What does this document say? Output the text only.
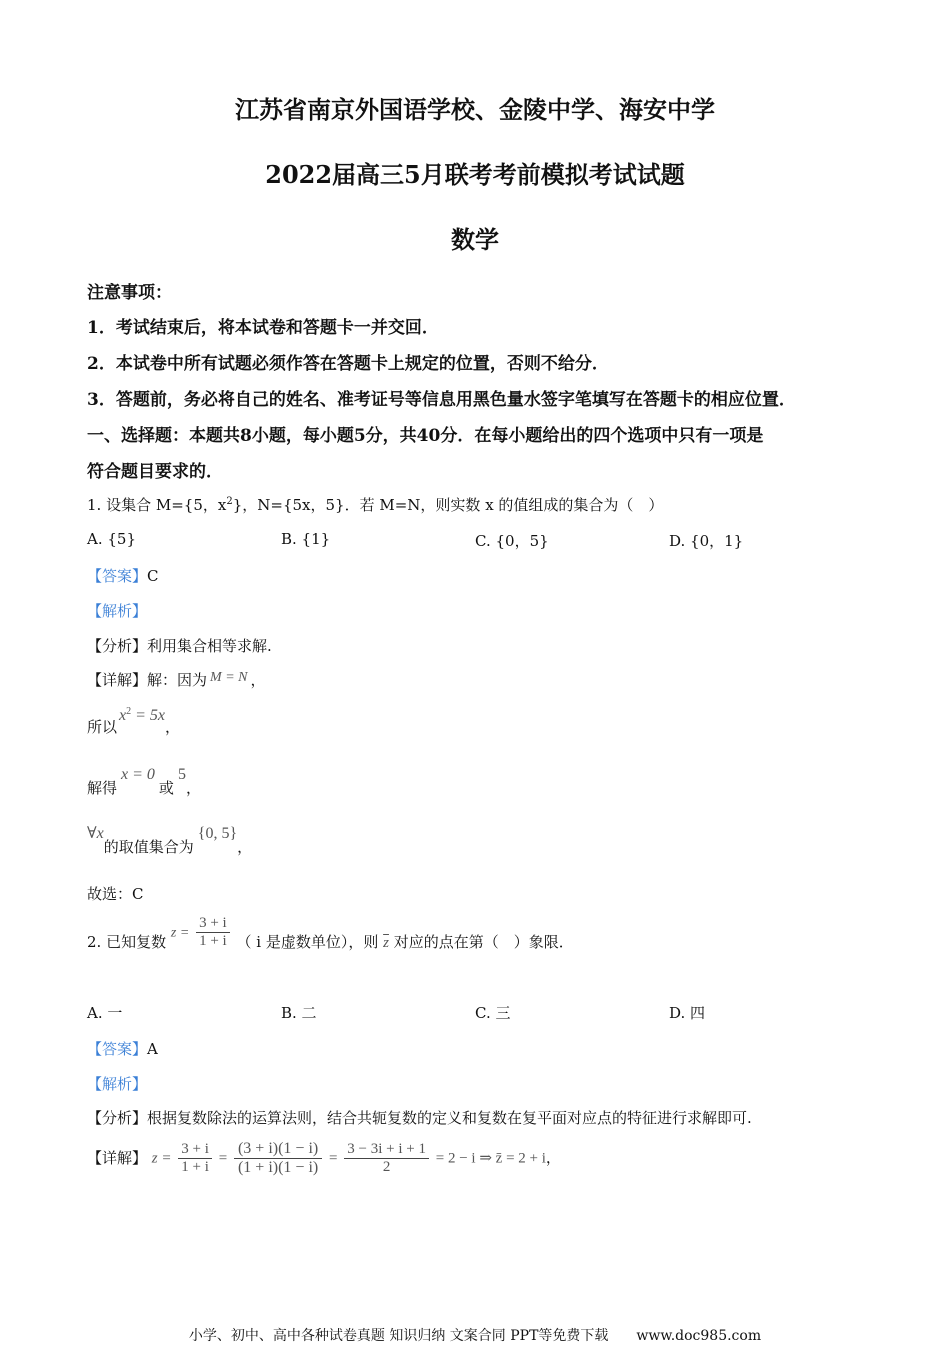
江苏省南京外国语学校、金陵中学、海安中学
2022届高三5月联考考前模拟考试试题
数学
注意事项：
1．考试结束后，将本试卷和答题卡一并交回．
2．本试卷中所有试题必须作答在答题卡上规定的位置，否则不给分．
3．答题前，务必将自己的姓名、准考证号等信息用黑色量水签字笔填写在答题卡的相应位置．
一、选择题：本题共8小题，每小题5分，共40分．在每小题给出的四个选项中只有一项是
符合题目要求的．
1. 设集合 M={5，$x^2$}，N={5x，5}．若 M=N，则实数 x 的值组成的集合为（　）
A. {5}	B. {1}	C. {0，5}	D. {0，1}
【答案】C
【解析】
【分析】利用集合相等求解.
【详解】解：因为 M = N ，
所以$x^2 = 5x$，
解得x = 0或5，
∀x的取值集合为{0, 5}，
故选：C
2. 已知复数 $z = \frac{3 + i}{1 + i}$ （ i 是虚数单位），则 $\overline{z}$ 对应的点在第（　）象限．
A. 一	B. 二	C. 三	D. 四
【答案】A
【解析】
【分析】根据复数除法的运算法则，结合共轭复数的定义和复数在复平面对应点的特征进行求解即可.
【详解】 $z = \frac{3 + i}{1 + i} = \frac{(3 + i)(1 - i)}{(1 + i)(1 - i)} = \frac{3 - 3i + i + 1}{2} = 2 - i$ ⇒ z̄ = 2 + i，
小学、初中、高中各种试卷真题 知识归纳 文案合同 PPT等免费下载　　www.doc985.com
